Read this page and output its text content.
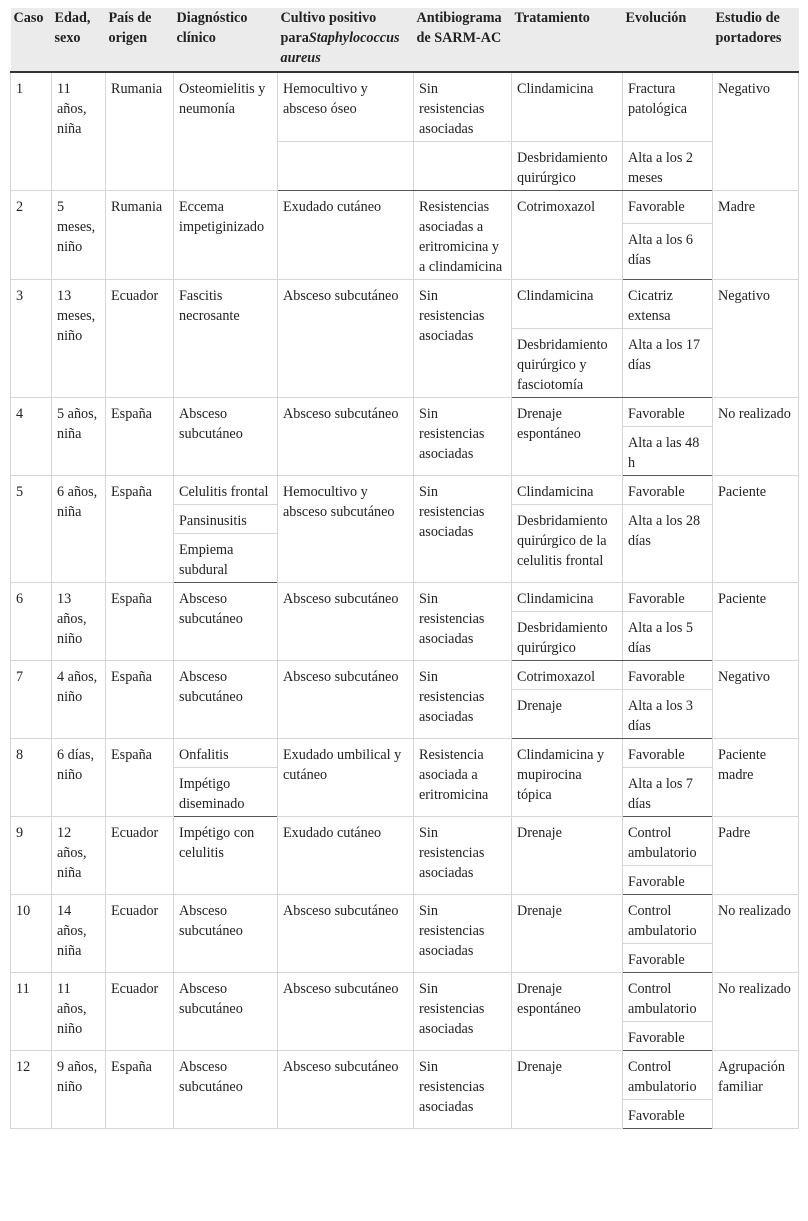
Caso	Edad, sexo	País de origen	Diagnóstico clínico	Cultivo positivo paraStaphylococcus aureus	Antibiograma de SARM-AC	Tratamiento	Evolución	Estudio de portadores
1	11 años, niña	Rumania	Osteomielitis y neumonía	Hemocultivo y absceso óseo	Sin resistencias asociadas	Clindamicina	Fractura patológica	Negativo
						Desbridamiento quirúrgico	Alta a los 2 meses	
2	5 meses, niño	Rumania	Eccema impetiginizado	Exudado cutáneo	Resistencias asociadas a eritromicina y a clindamicina	Cotrimoxazol	Favorable	Madre
							Alta a los 6 días	
3	13 meses, niño	Ecuador	Fascitis necrosante	Absceso subcutáneo	Sin resistencias asociadas	Clindamicina	Cicatriz extensa	Negativo
						Desbridamiento quirúrgico y fasciotomía	Alta a los 17 días	
4	5 años, niña	España	Absceso subcutáneo	Absceso subcutáneo	Sin resistencias asociadas	Drenaje espontáneo	Favorable	No realizado
							Alta a las 48 h	
5	6 años, niña	España	Celulitis frontal	Hemocultivo y absceso subcutáneo	Sin resistencias asociadas	Clindamicina	Favorable	Paciente
			Pansinusitis			Desbridamiento quirúrgico de la celulitis frontal	Alta a los 28 días	
			Empiema subdural					
6	13 años, niño	España	Absceso subcutáneo	Absceso subcutáneo	Sin resistencias asociadas	Clindamicina	Favorable	Paciente
						Desbridamiento quirúrgico	Alta a los 5 días	
7	4 años, niño	España	Absceso subcutáneo	Absceso subcutáneo	Sin resistencias asociadas	Cotrimoxazol	Favorable	Negativo
						Drenaje	Alta a los 3 días	
8	6 días, niño	España	Onfalitis	Exudado umbilical y cutáneo	Resistencia asociada a eritromicina	Clindamicina y mupirocina tópica	Favorable	Paciente madre
			Impétigo diseminado				Alta a los 7 días	
9	12 años, niña	Ecuador	Impétigo con celulitis	Exudado cutáneo	Sin resistencias asociadas	Drenaje	Control ambulatorio	Padre
							Favorable	
10	14 años, niña	Ecuador	Absceso subcutáneo	Absceso subcutáneo	Sin resistencias asociadas	Drenaje	Control ambulatorio	No realizado
							Favorable	
11	11 años, niño	Ecuador	Absceso subcutáneo	Absceso subcutáneo	Sin resistencias asociadas	Drenaje espontáneo	Control ambulatorio	No realizado
							Favorable	
12	9 años, niño	España	Absceso subcutáneo	Absceso subcutáneo	Sin resistencias asociadas	Drenaje	Control ambulatorio	Agrupación familiar
							Favorable	
